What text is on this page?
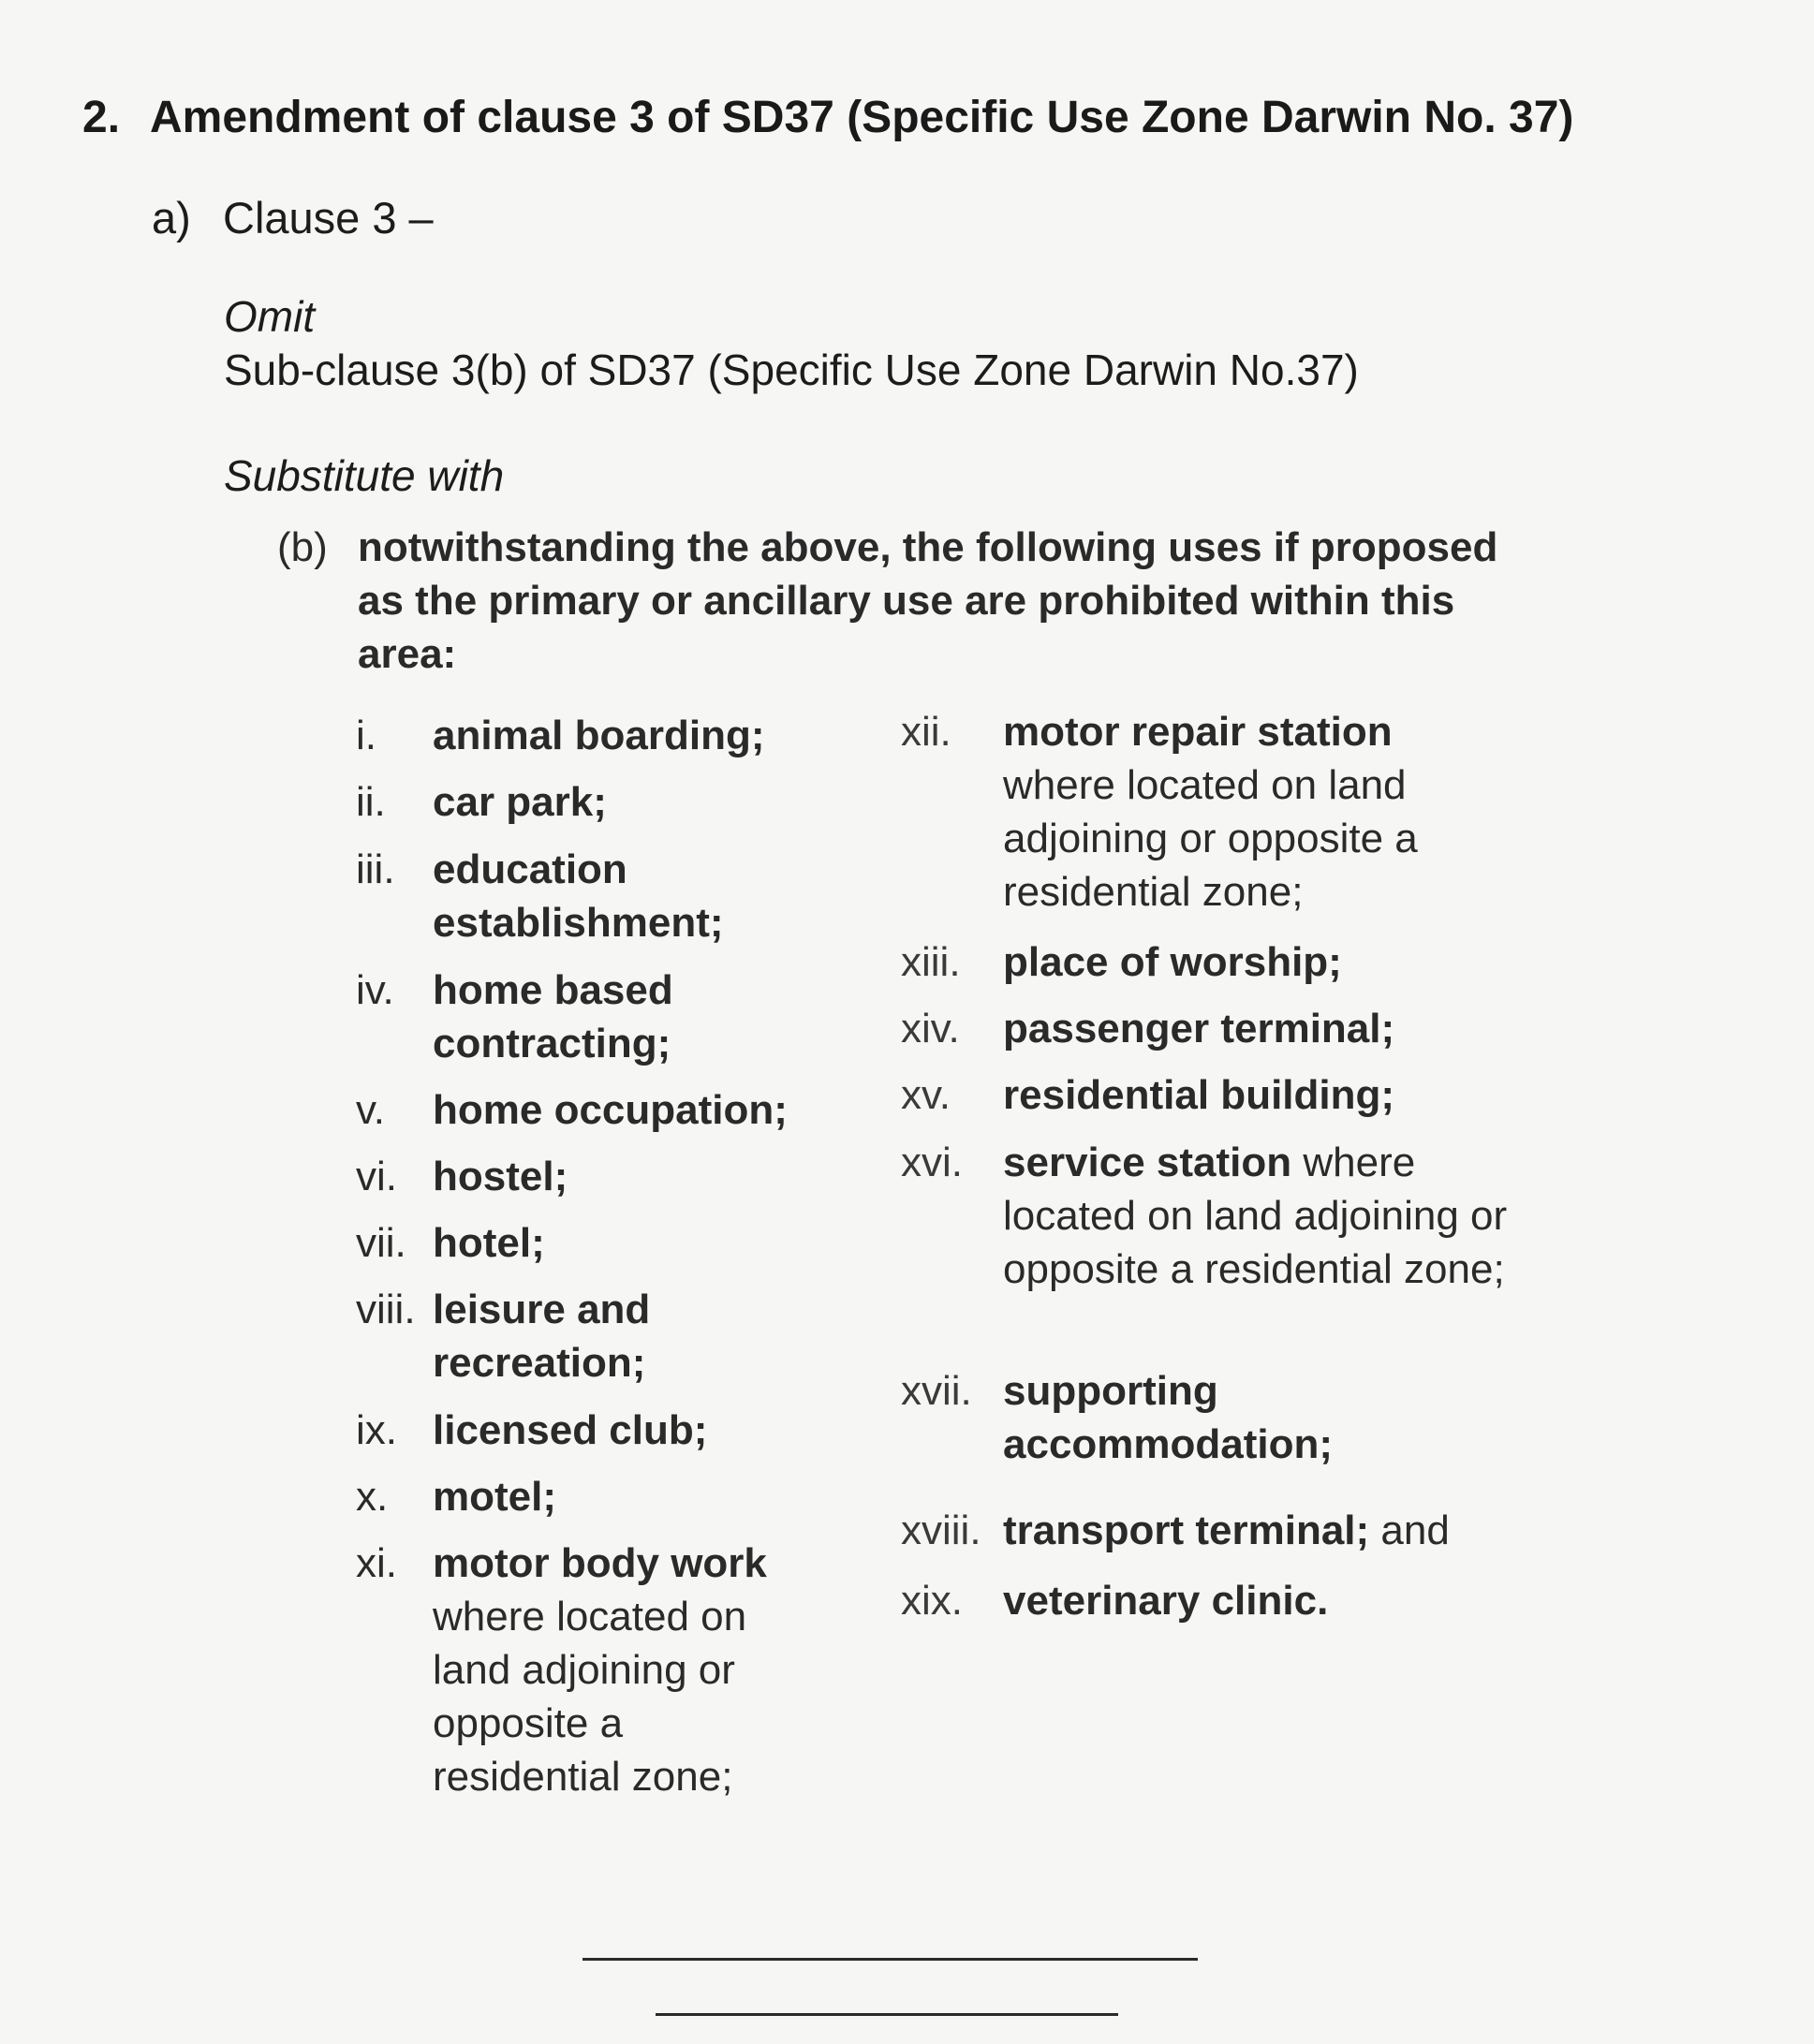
2. Amendment of clause 3 of SD37 (Specific Use Zone Darwin No. 37)
a) Clause 3 –
Omit
Sub-clause 3(b) of SD37 (Specific Use Zone Darwin No.37)
Substitute with
(b) notwithstanding the above, the following uses if proposed as the primary or ancillary use are prohibited within this area:
i. animal boarding;
ii. car park;
iii. education establishment;
iv. home based contracting;
v. home occupation;
vi. hostel;
vii. hotel;
viii. leisure and recreation;
ix. licensed club;
x. motel;
xi. motor body work where located on land adjoining or opposite a residential zone;
xii. motor repair station where located on land adjoining or opposite a residential zone;
xiii. place of worship;
xiv. passenger terminal;
xv. residential building;
xvi. service station where located on land adjoining or opposite a residential zone;
xvii. supporting accommodation;
xviii. transport terminal; and
xix. veterinary clinic.
